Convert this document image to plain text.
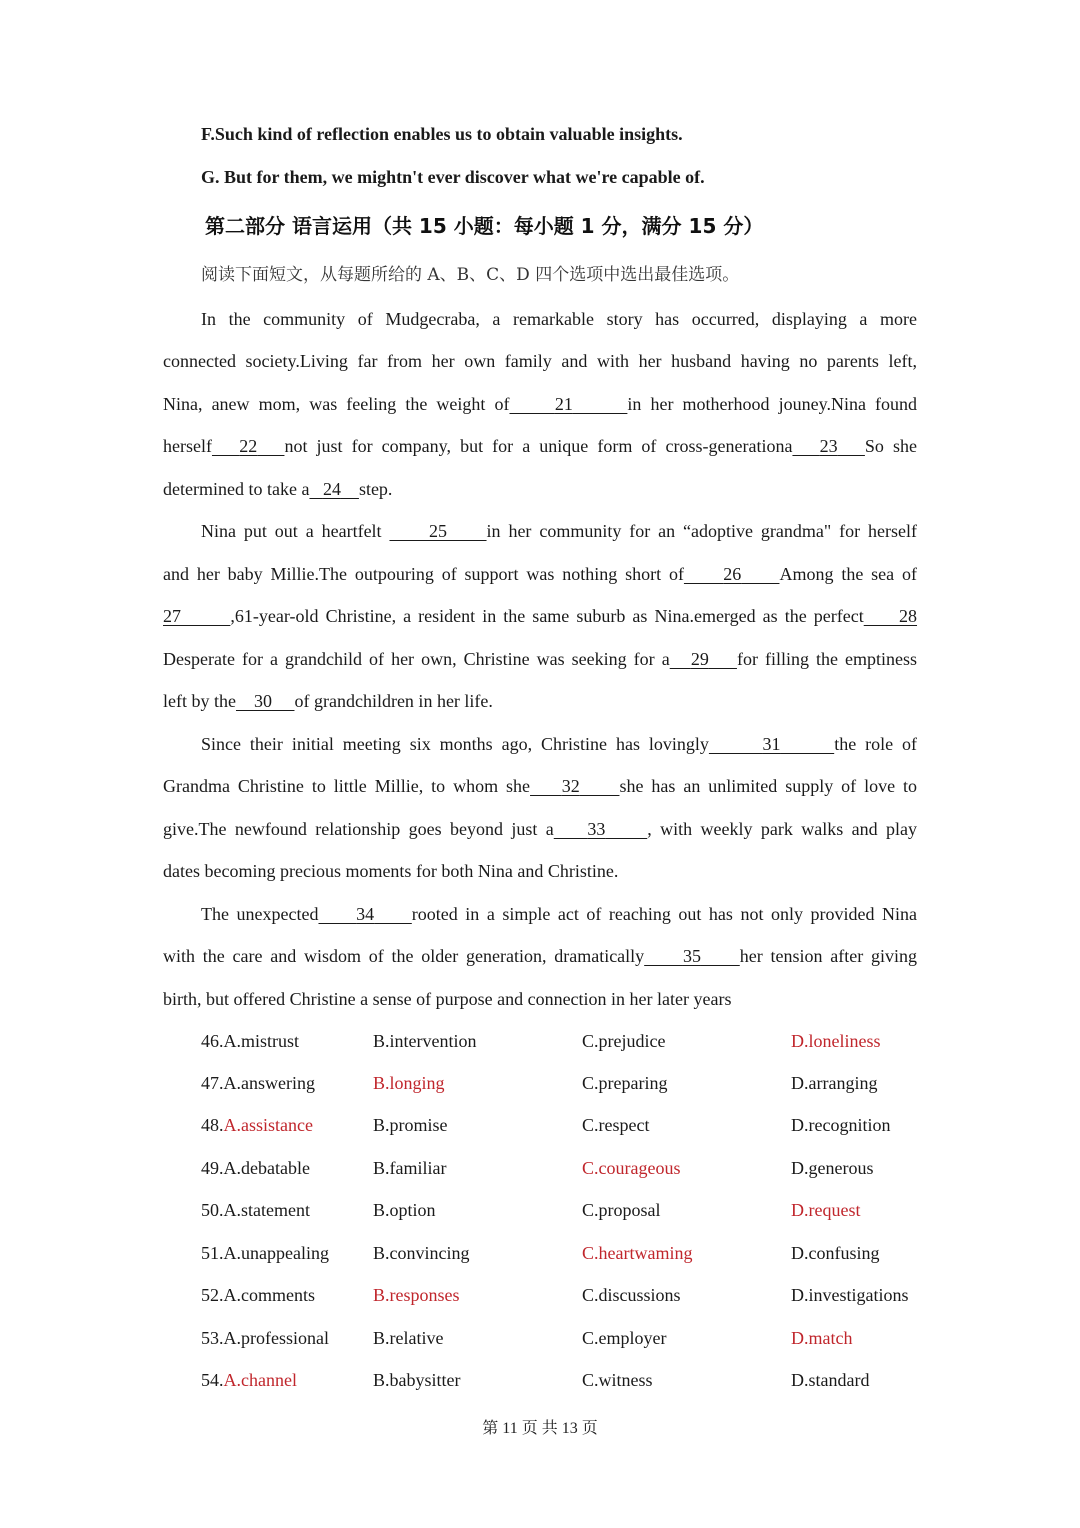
F.Such kind of reflection enables us to obtain valuable insights.
G. But for them, we mightn't ever discover what we're capable of.
第二部分 语言运用（共 15 小题：每小题 1 分，满分 15 分）
阅读下面短文，从每题所给的 A、B、C、D 四个选项中选出最佳选项。
In the community of Mudgecraba, a remarkable story has occurred, displaying a more
connected society.Living far from her own family and with her husband having no parents left,
Nina, anew mom, was feeling the weight of	21	in her motherhood jouney.Nina found
herself 22 not just for company, but for a unique form of cross-generationa 23 So she
determined to take a 24 step.
Nina put out a heartfelt      25 in her community for an “adoptive grandma" for herself
and her baby Millie.The outpouring of support was nothing short of 26 Among the sea of
27	,61-year-old Christine, a resident in the same suburb as Nina.emerged as the perfect 28
Desperate for a grandchild of her own, Christine was seeking for a 29 for filling the emptiness
left by the 30 of grandchildren in her life.
Since their initial meeting six months ago, Christine has lovingly	31	the role of
Grandma Christine to little Millie, to whom she 32 she has an unlimited supply of love to
give.The newfound relationship goes beyond just a 33 , with weekly park walks and play
dates becoming precious moments for both Nina and Christine.
The unexpected 34 rooted in a simple act of reaching out has not only provided Nina
with the care and wisdom of the older generation, dramatically 35 her tension after giving
birth, but offered Christine a sense of purpose and connection in her later years
46.A.mistrust	B.intervention	C.prejudice	D.loneliness
47.A.answering	B.longing	C.preparing	D.arranging
48.A.assistance	B.promise	C.respect	D.recognition
49.A.debatable	B.familiar	C.courageous	D.generous
50.A.statement	B.option	C.proposal	D.request
51.A.unappealing B.convincing	C.heartwaming	D.confusing
52.A.comments	B.responses	C.discussions	D.investigations
53.A.professional B.relative	C.employer	D.match
54.A.channel	B.babysitter	C.witness	D.standard
第 11 页 共 13 页
